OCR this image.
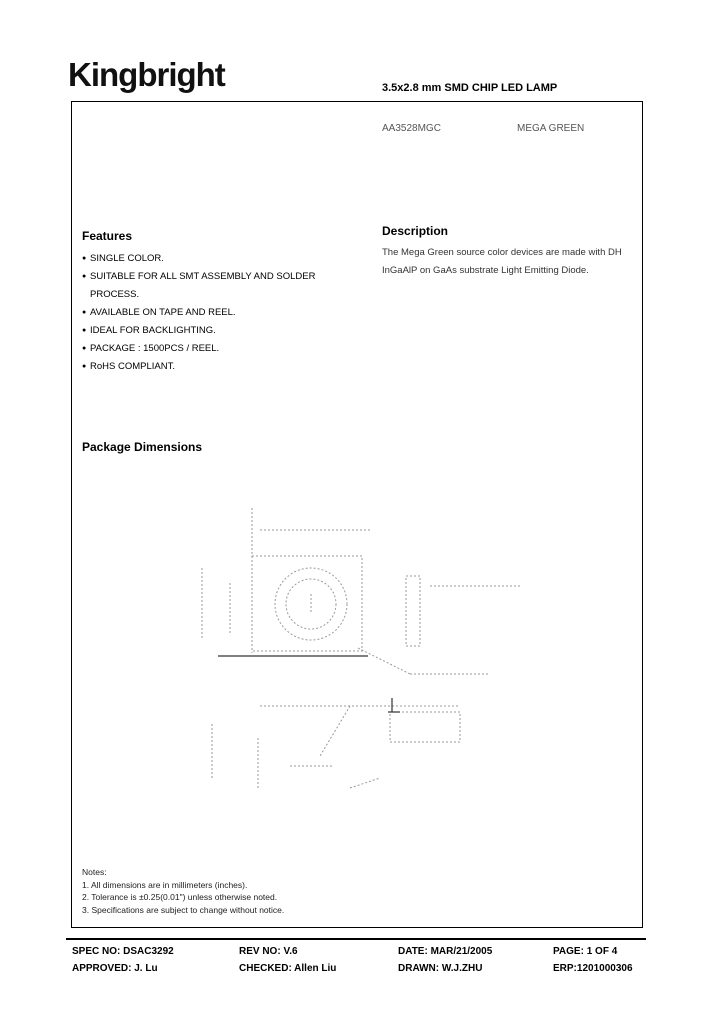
Kingbright	3.5x2.8 mm SMD CHIP LED LAMP
AA3528MGC	MEGA GREEN
Features
● SINGLE COLOR.
● SUITABLE FOR ALL SMT ASSEMBLY AND SOLDER
PROCESS.
● AVAILABLE ON TAPE AND REEL.
● IDEAL FOR BACKLIGHTING.
● PACKAGE : 1500PCS / REEL.
● RoHS COMPLIANT.
Description
The Mega Green source color devices are made with DH
InGaAlP on GaAs substrate Light Emitting Diode.
Package Dimensions
Notes:
1. All dimensions are in millimeters (inches).
2. Tolerance is ±0.25(0.01") unless otherwise noted.
3. Specifications are subject to change without notice.
SPEC NO: DSAC3292	REV NO: V.6	DATE: MAR/21/2005	PAGE: 1 OF 4
APPROVED: J. Lu	CHECKED: Allen Liu	DRAWN: W.J.ZHU	ERP:1201000306
